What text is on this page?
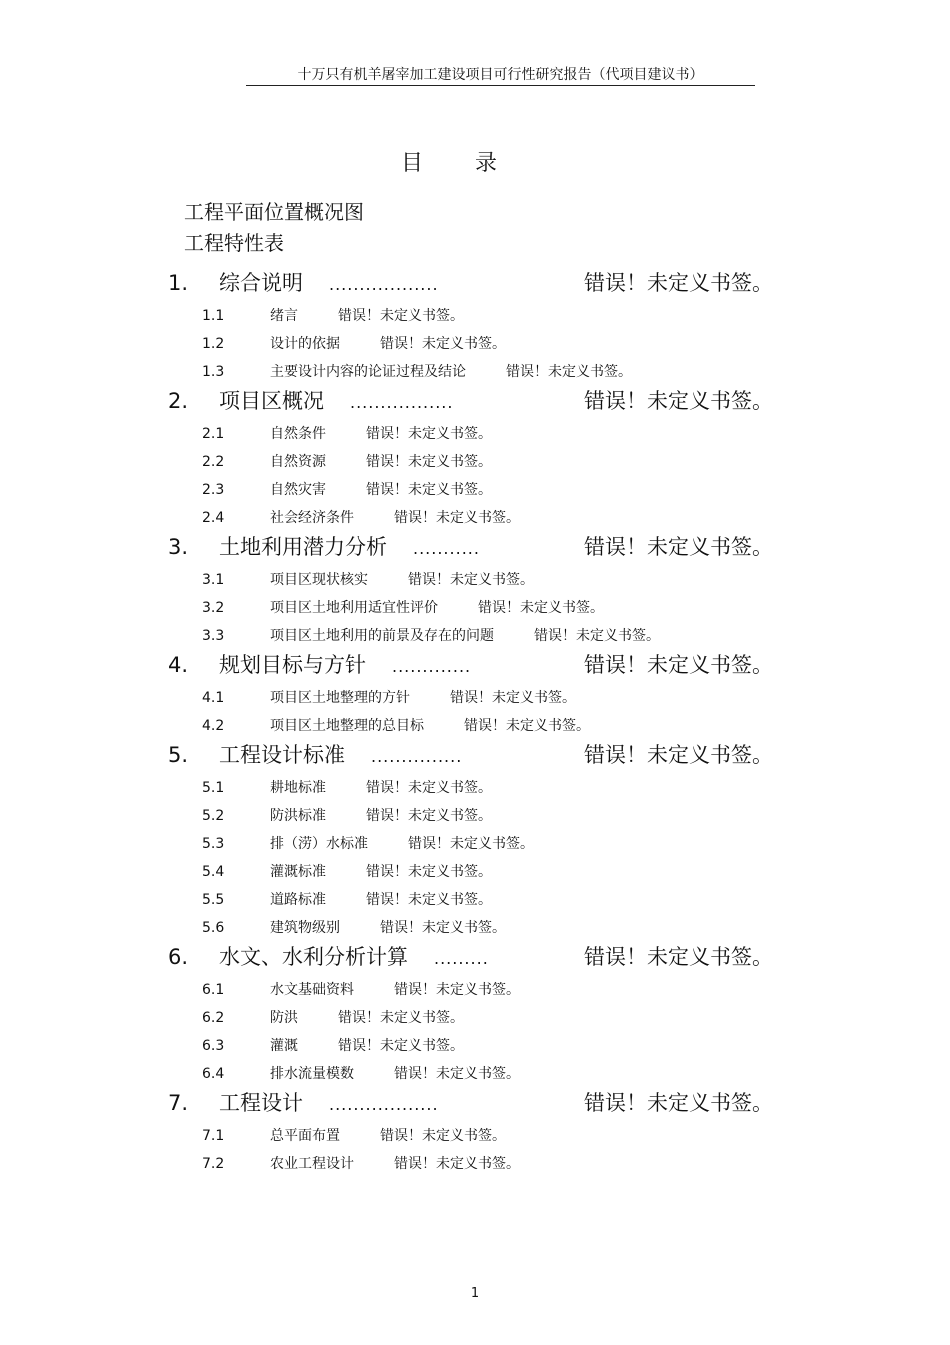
十万只有机羊屠宰加工建设项目可行性研究报告（代项目建议书）
目录
工程平面位置概况图
工程特性表
1. 综合说明 ..................	错误！未定义书签。
1.1	绪言	错误！未定义书签。
1.2	设计的依据	错误！未定义书签。
1.3	主要设计内容的论证过程及结论	错误！未定义书签。
2. 项目区概况 .................	错误！未定义书签。
2.1	自然条件	错误！未定义书签。
2.2	自然资源	错误！未定义书签。
2.3	自然灾害	错误！未定义书签。
2.4	社会经济条件	错误！未定义书签。
3. 土地利用潜力分析 ...........	错误！未定义书签。
3.1	项目区现状核实	错误！未定义书签。
3.2	项目区土地利用适宜性评价	错误！未定义书签。
3.3	项目区土地利用的前景及存在的问题	错误！未定义书签。
4. 规划目标与方针 .............	错误！未定义书签。
4.1	项目区土地整理的方针	错误！未定义书签。
4.2	项目区土地整理的总目标	错误！未定义书签。
5. 工程设计标准 ...............	错误！未定义书签。
5.1	耕地标准	错误！未定义书签。
5.2	防洪标准	错误！未定义书签。
5.3	排（涝）水标准	错误！未定义书签。
5.4	灌溉标准	错误！未定义书签。
5.5	道路标准	错误！未定义书签。
5.6	建筑物级别	错误！未定义书签。
6. 水文、水利分析计算 .........	错误！未定义书签。
6.1	水文基础资料	错误！未定义书签。
6.2	防洪	错误！未定义书签。
6.3	灌溉	错误！未定义书签。
6.4	排水流量模数	错误！未定义书签。
7. 工程设计 ..................	错误！未定义书签。
7.1	总平面布置	错误！未定义书签。
7.2	农业工程设计	错误！未定义书签。
1
